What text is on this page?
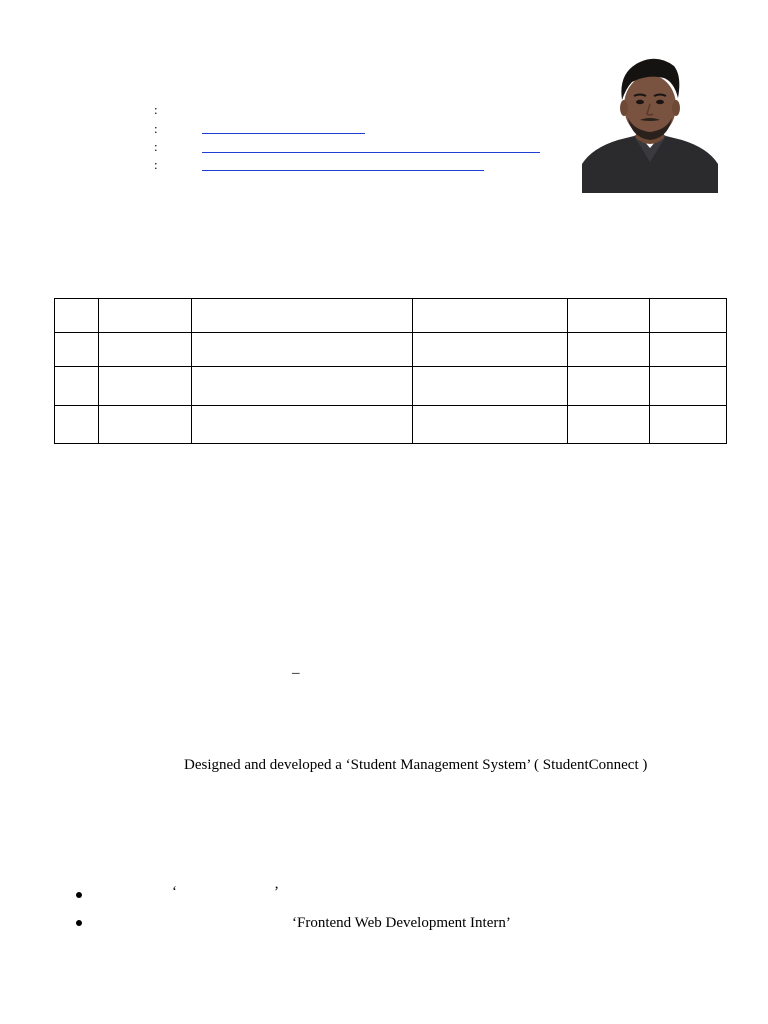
:
:
:
:

–
Designed and developed a ‘Student Management System’ ( StudentConnect )
‘	’
‘Frontend Web Development Intern’
